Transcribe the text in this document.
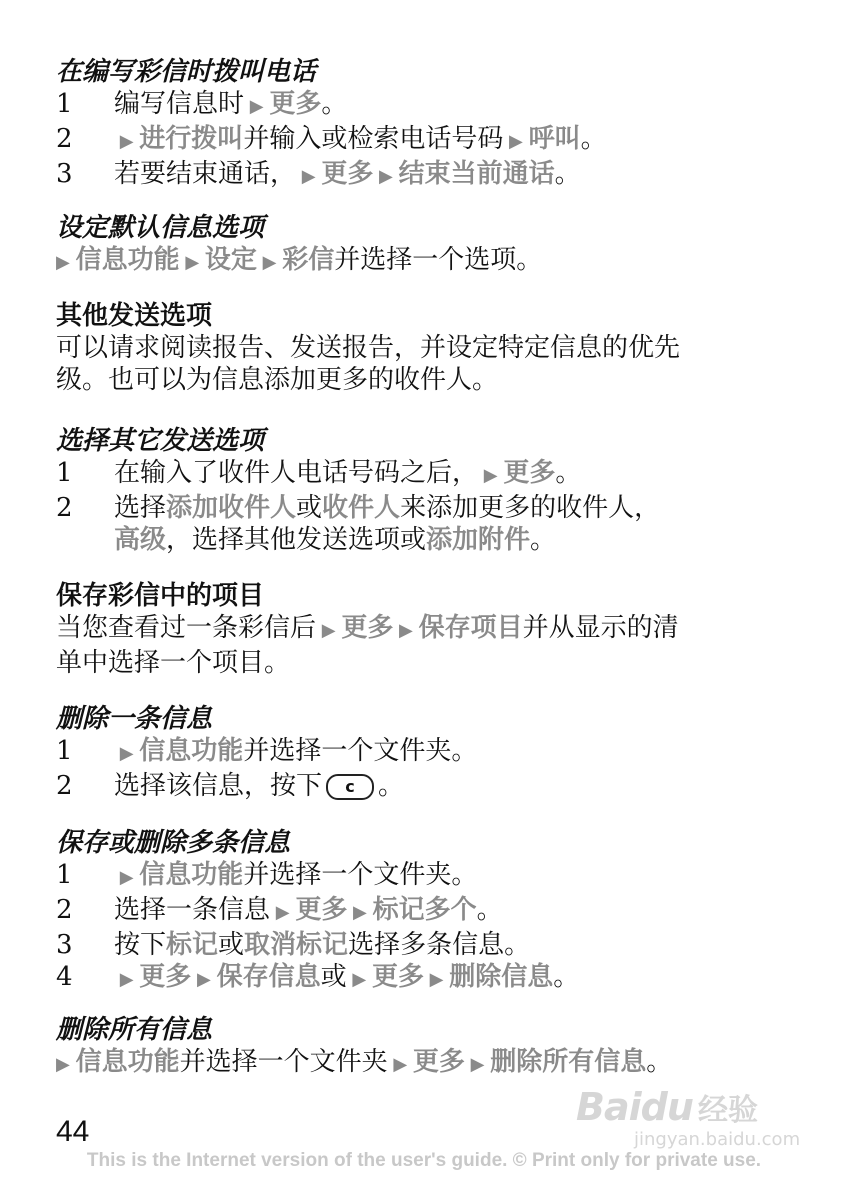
在编写彩信时拨叫电话
1 编写信息时 ▶ 更多。
2 ▶ 进行拨叫并输入或检索电话号码 ▶ 呼叫。
3 若要结束通话， ▶ 更多 ▶ 结束当前通话。
设定默认信息选项
▶ 信息功能 ▶ 设定 ▶ 彩信并选择一个选项。
其他发送选项
可以请求阅读报告、发送报告，并设定特定信息的优先
级。也可以为信息添加更多的收件人。
选择其它发送选项
1 在输入了收件人电话号码之后， ▶ 更多。
2 选择添加收件人或收件人来添加更多的收件人，
高级，选择其他发送选项或添加附件。
保存彩信中的项目
当您查看过一条彩信后 ▶ 更多 ▶ 保存项目并从显示的清
单中选择一个项目。
删除一条信息
1 ▶ 信息功能并选择一个文件夹。
2 选择该信息，按下 c 。
保存或删除多条信息
1 ▶ 信息功能并选择一个文件夹。
2 选择一条信息 ▶ 更多 ▶ 标记多个。
3 按下标记或取消标记选择多条信息。
4 ▶ 更多 ▶ 保存信息或 ▶ 更多 ▶ 删除信息。
删除所有信息
▶ 信息功能并选择一个文件夹 ▶ 更多 ▶ 删除所有信息。
44
This is the Internet version of the user's guide. © Print only for private use.
Baidu 经验
jingyan.baidu.com
